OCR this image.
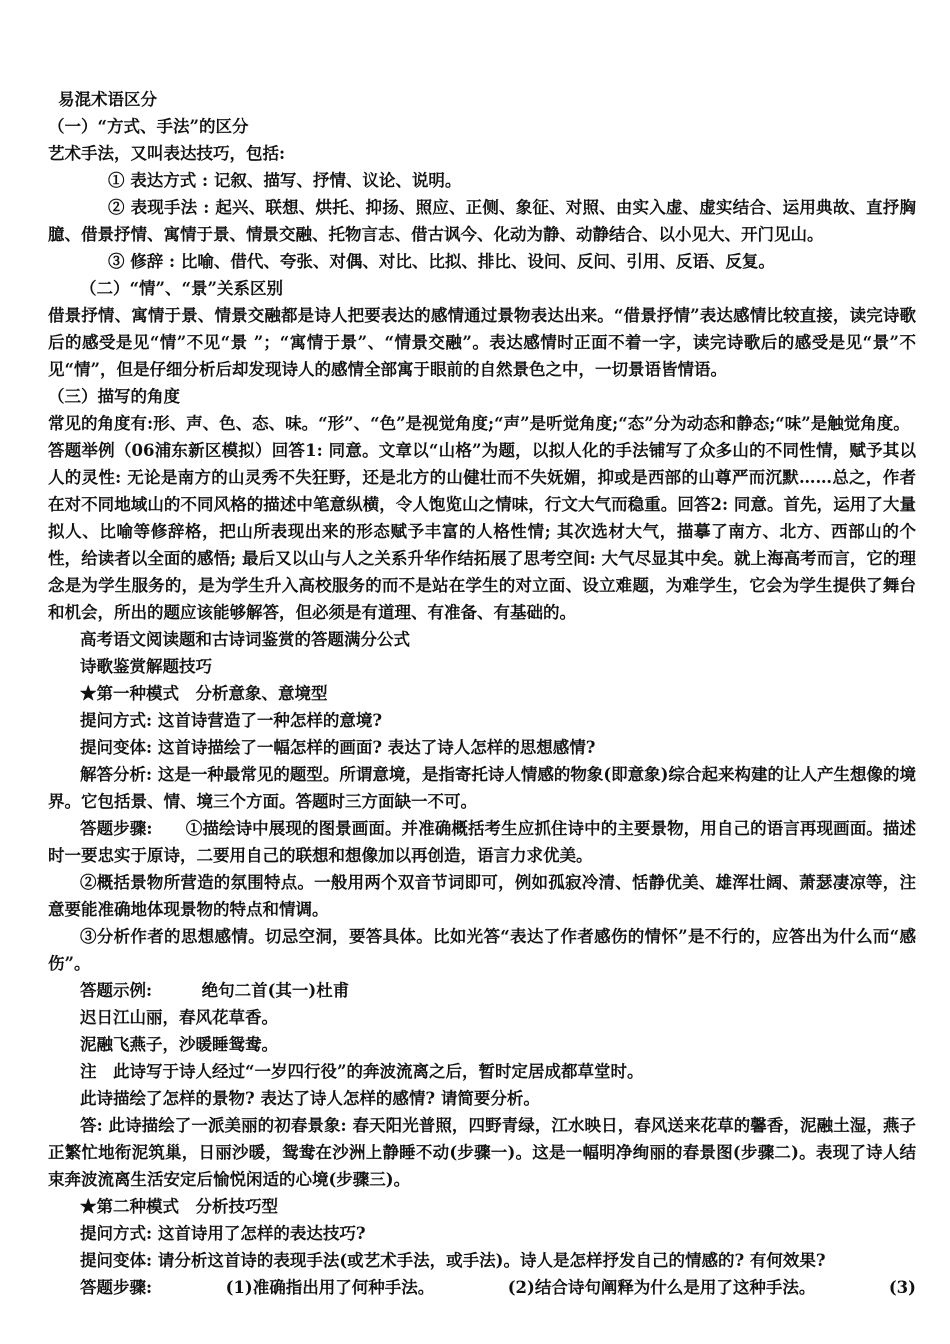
易混术语区分

（一）“方式、手法”的区分

艺术手法，又叫表达技巧，包括:

① 表达方式 : 记叙、描写、抒情、议论、说明。

② 表现手法 : 起兴、联想、烘托、抑扬、照应、正侧、象征、对照、由实入虚、虚实结合、运用典故、直抒胸臆、借景抒情、寓情于景、情景交融、托物言志、借古讽今、化动为静、动静结合、以小见大、开门见山。

③ 修辞 : 比喻、借代、夸张、对偶、对比、比拟、排比、设问、反问、引用、反语、反复。

（二）“情”、“景”关系区别

借景抒情、寓情于景、情景交融都是诗人把要表达的感情通过景物表达出来。“借景抒情”表达感情比较直接，读完诗歌后的感受是见“情”不见“景 ”；“寓情于景”、“情景交融”。表达感情时正面不着一字，读完诗歌后的感受是见“景”不见“情”，但是仔细分析后却发现诗人的感情全部寓于眼前的自然景色之中，一切景语皆情语。

（三）描写的角度

常见的角度有:形、声、色、态、味。“形”、“色”是视觉角度;“声”是听觉角度;“态”分为动态和静态;“味”是触觉角度。

答题举例（06浦东新区模拟）回答1: 同意。文章以“山格”为题，以拟人化的手法铺写了众多山的不同性情，赋予其以人的灵性: 无论是南方的山灵秀不失狂野，还是北方的山健壮而不失妩媚，抑或是西部的山尊严而沉默……总之，作者在对不同地域山的不同风格的描述中笔意纵横，令人饱览山之情味，行文大气而稳重。回答2: 同意。首先，运用了大量拟人、比喻等修辞格，把山所表现出来的形态赋予丰富的人格性情; 其次选材大气，描摹了南方、北方、西部山的个性，给读者以全面的感悟; 最后又以山与人之关系升华作结拓展了思考空间: 大气尽显其中矣。就上海高考而言，它的理念是为学生服务的，是为学生升入高校服务的而不是站在学生的对立面、设立难题，为难学生，它会为学生提供了舞台和机会，所出的题应该能够解答，但必须是有道理、有准备、有基础的。

高考语文阅读题和古诗词鉴赏的答题满分公式

诗歌鉴赏解题技巧

★第一种模式　分析意象、意境型

提问方式: 这首诗营造了一种怎样的意境?

提问变体: 这首诗描绘了一幅怎样的画面? 表达了诗人怎样的思想感情?

解答分析: 这是一种最常见的题型。所谓意境，是指寄托诗人情感的物象(即意象)综合起来构建的让人产生想像的境界。它包括景、情、境三个方面。答题时三方面缺一不可。

答题步骤:　　①描绘诗中展现的图景画面。并准确概括考生应抓住诗中的主要景物，用自己的语言再现画面。描述时一要忠实于原诗，二要用自己的联想和想像加以再创造，语言力求优美。

②概括景物所营造的氛围特点。一般用两个双音节词即可，例如孤寂冷清、恬静优美、雄浑壮阔、萧瑟凄凉等，注意要能准确地体现景物的特点和情调。

③分析作者的思想感情。切忌空洞，要答具体。比如光答“表达了作者感伤的情怀”是不行的，应答出为什么而“感伤”。

答题示例:　　　绝句二首(其一)杜甫

迟日江山丽，春风花草香。

泥融飞燕子，沙暖睡鸳鸯。

注　此诗写于诗人经过“一岁四行役”的奔波流离之后，暂时定居成都草堂时。

此诗描绘了怎样的景物? 表达了诗人怎样的感情? 请简要分析。

答: 此诗描绘了一派美丽的初春景象: 春天阳光普照，四野青绿，江水映日，春风送来花草的馨香，泥融土湿，燕子正繁忙地衔泥筑巢，日丽沙暖，鸳鸯在沙洲上静睡不动(步骤一)。这是一幅明净绚丽的春景图(步骤二)。表现了诗人结束奔波流离生活安定后愉悦闲适的心境(步骤三)。

★第二种模式　分析技巧型

提问方式: 这首诗用了怎样的表达技巧?

提问变体: 请分析这首诗的表现手法(或艺术手法，或手法)。诗人是怎样抒发自己的情感的? 有何效果?

答题步骤:	(1)准确指出用了何种手法。	(2)结合诗句阐释为什么是用了这种手法。	(3)
